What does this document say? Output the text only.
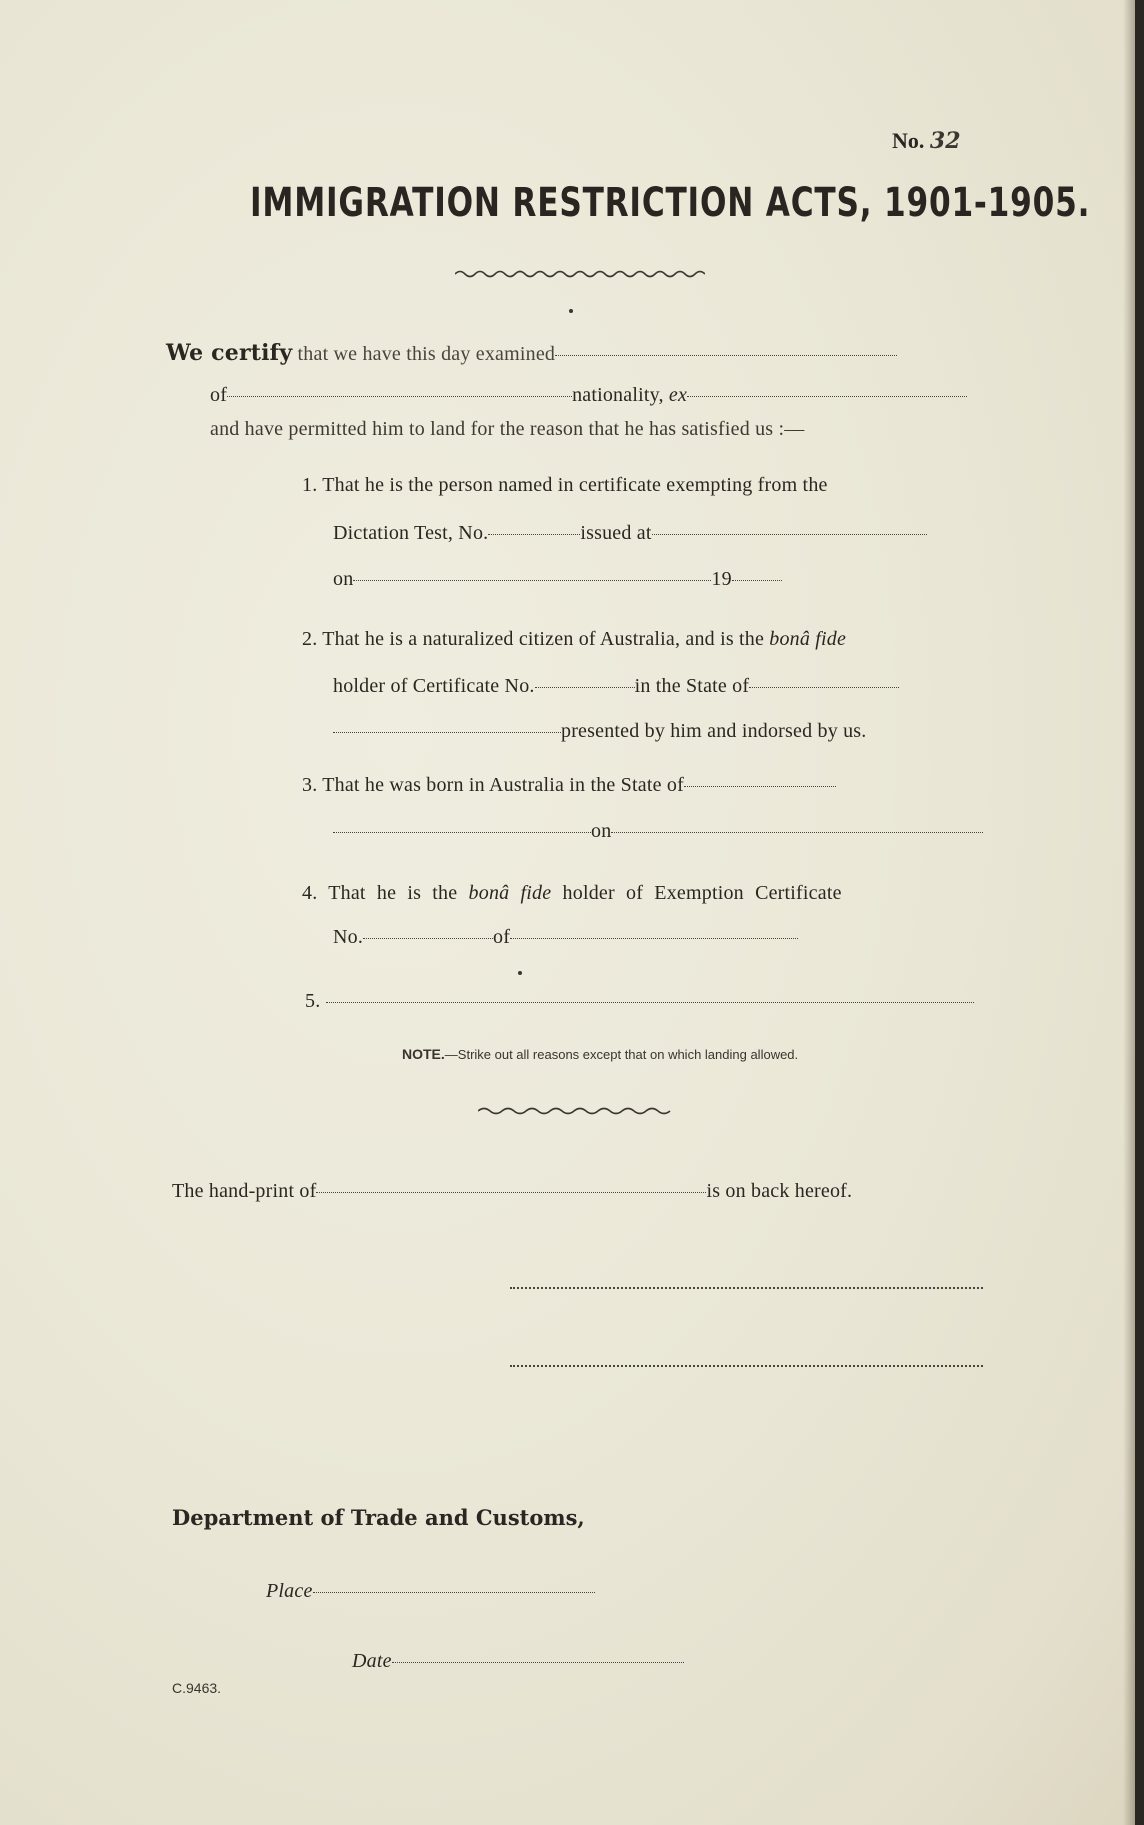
No. 32
IMMIGRATION RESTRICTION ACTS, 1901-1905.
We certify that we have this day examined
of	nationality, ex
and have permitted him to land for the reason that he has satisfied us :—
1. That he is the person named in certificate exempting from the
Dictation Test, No.	issued at
on	19
2. That he is a naturalized citizen of Australia, and is the bonâ fide
holder of Certificate No.	in the State of
presented by him and indorsed by us.
3. That he was born in Australia in the State of
on
4. That he is the bonâ fide holder of Exemption Certificate
No.	of
5.
NOTE.—Strike out all reasons except that on which landing allowed.
The hand-print of	is on back hereof.
Department of Trade and Customs,
Place
Date
C.9463.
